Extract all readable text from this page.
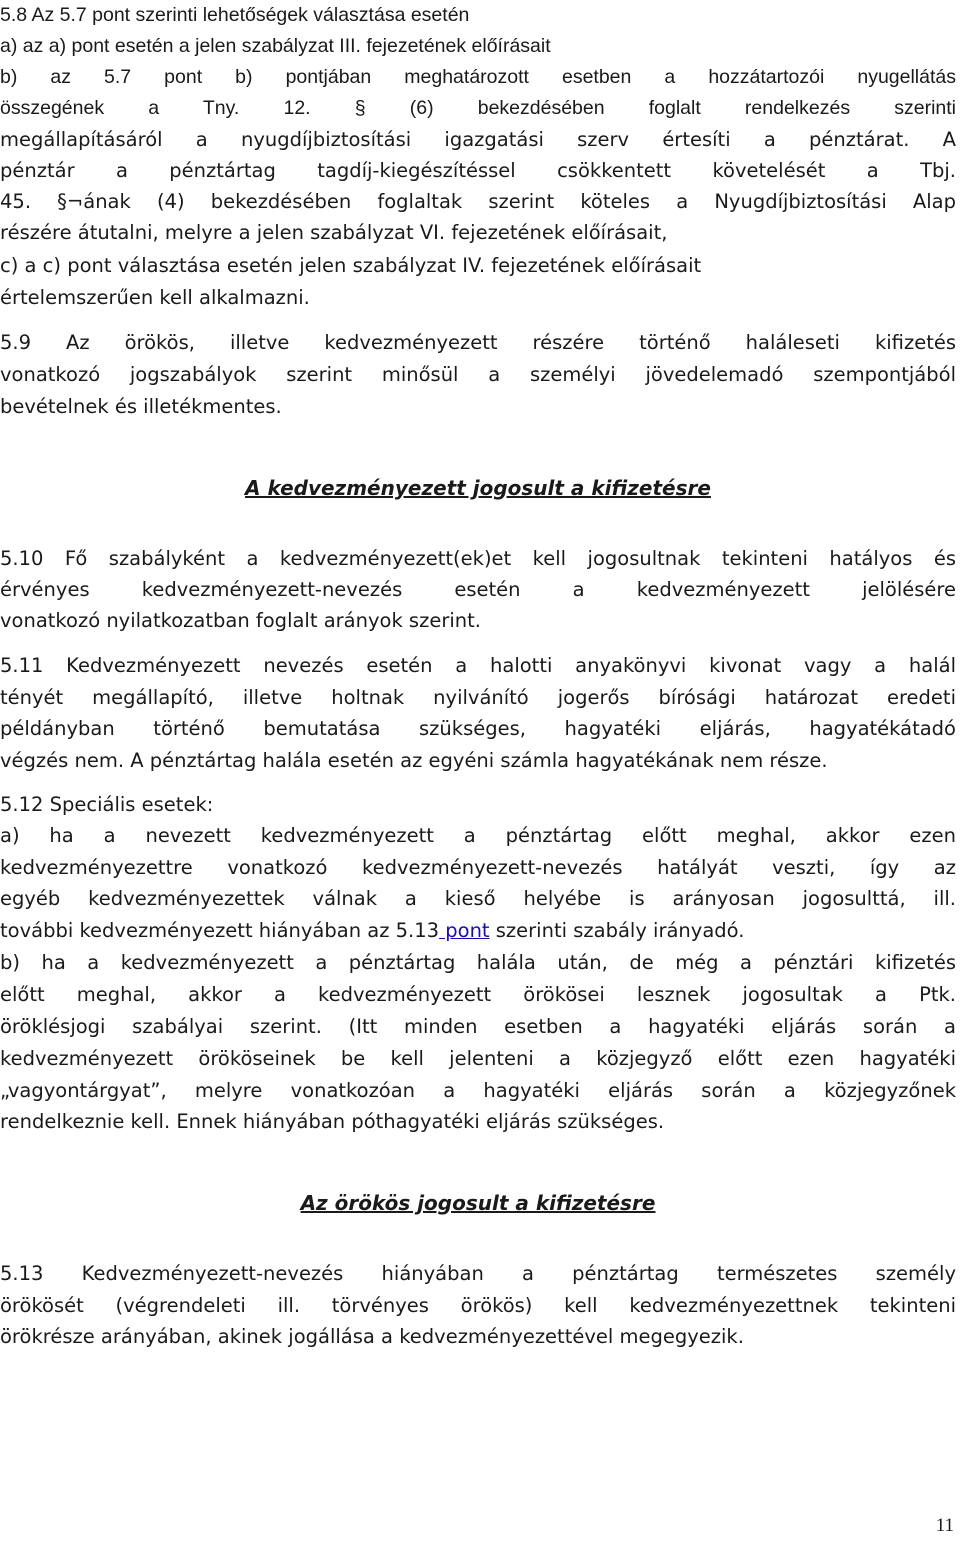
5.8 Az 5.7 pont szerinti lehetőségek választása esetén

a) az a) pont esetén a jelen szabályzat III. fejezetének előírásait

b) az 5.7 pont b) pontjában meghatározott esetben a hozzátartozói nyugellátás

összegének a Tny. 12. § (6) bekezdésében foglalt rendelkezés szerinti

megállapításáról a nyugdíjbiztosítási igazgatási szerv értesíti a pénztárat. A

pénztár a pénztártag tagdíj-kiegészítéssel csökkentett követelését a Tbj.

45. §¬ának (4) bekezdésében foglaltak szerint köteles a Nyugdíjbiztosítási Alap

részére átutalni, melyre a jelen szabályzat VI. fejezetének előírásait,

c) a c) pont választása esetén jelen szabályzat IV. fejezetének előírásait

értelemszerűen kell alkalmazni.

5.9 Az örökös, illetve kedvezményezett részére történő haláleseti kifizetés

vonatkozó jogszabályok szerint minősül a személyi jövedelemadó szempontjából

bevételnek és illetékmentes.

A kedvezményezett jogosult a kifizetésre

5.10 Fő szabályként a kedvezményezett(ek)et kell jogosultnak tekinteni hatályos és

érvényes kedvezményezett-nevezés esetén a kedvezményezett jelölésére

vonatkozó nyilatkozatban foglalt arányok szerint.

5.11 Kedvezményezett nevezés esetén a halotti anyakönyvi kivonat vagy a halál

tényét megállapító, illetve holtnak nyilvánító jogerős bírósági határozat eredeti

példányban történő bemutatása szükséges, hagyatéki eljárás, hagyatékátadó

végzés nem. A pénztártag halála esetén az egyéni számla hagyatékának nem része.

5.12 Speciális esetek:

a) ha a nevezett kedvezményezett a pénztártag előtt meghal, akkor ezen

kedvezményezettre vonatkozó kedvezményezett-nevezés hatályát veszti, így az

egyéb kedvezményezettek válnak a kieső helyébe is arányosan jogosulttá, ill.

további kedvezményezett hiányában az 5.13 pont szerinti szabály irányadó.

b) ha a kedvezményezett a pénztártag halála után, de még a pénztári kifizetés

előtt meghal, akkor a kedvezményezett örökösei lesznek jogosultak a Ptk.

öröklésjogi szabályai szerint. (Itt minden esetben a hagyatéki eljárás során a

kedvezményezett örököseinek be kell jelenteni a közjegyző előtt ezen hagyatéki

„vagyontárgyat”, melyre vonatkozóan a hagyatéki eljárás során a közjegyzőnek

rendelkeznie kell. Ennek hiányában póthagyatéki eljárás szükséges.

Az örökös jogosult a kifizetésre

5.13 Kedvezményezett-nevezés hiányában a pénztártag természetes személy

örökösét (végrendeleti ill. törvényes örökös) kell kedvezményezettnek tekinteni

örökrésze arányában, akinek jogállása a kedvezményezettével megegyezik.

11
